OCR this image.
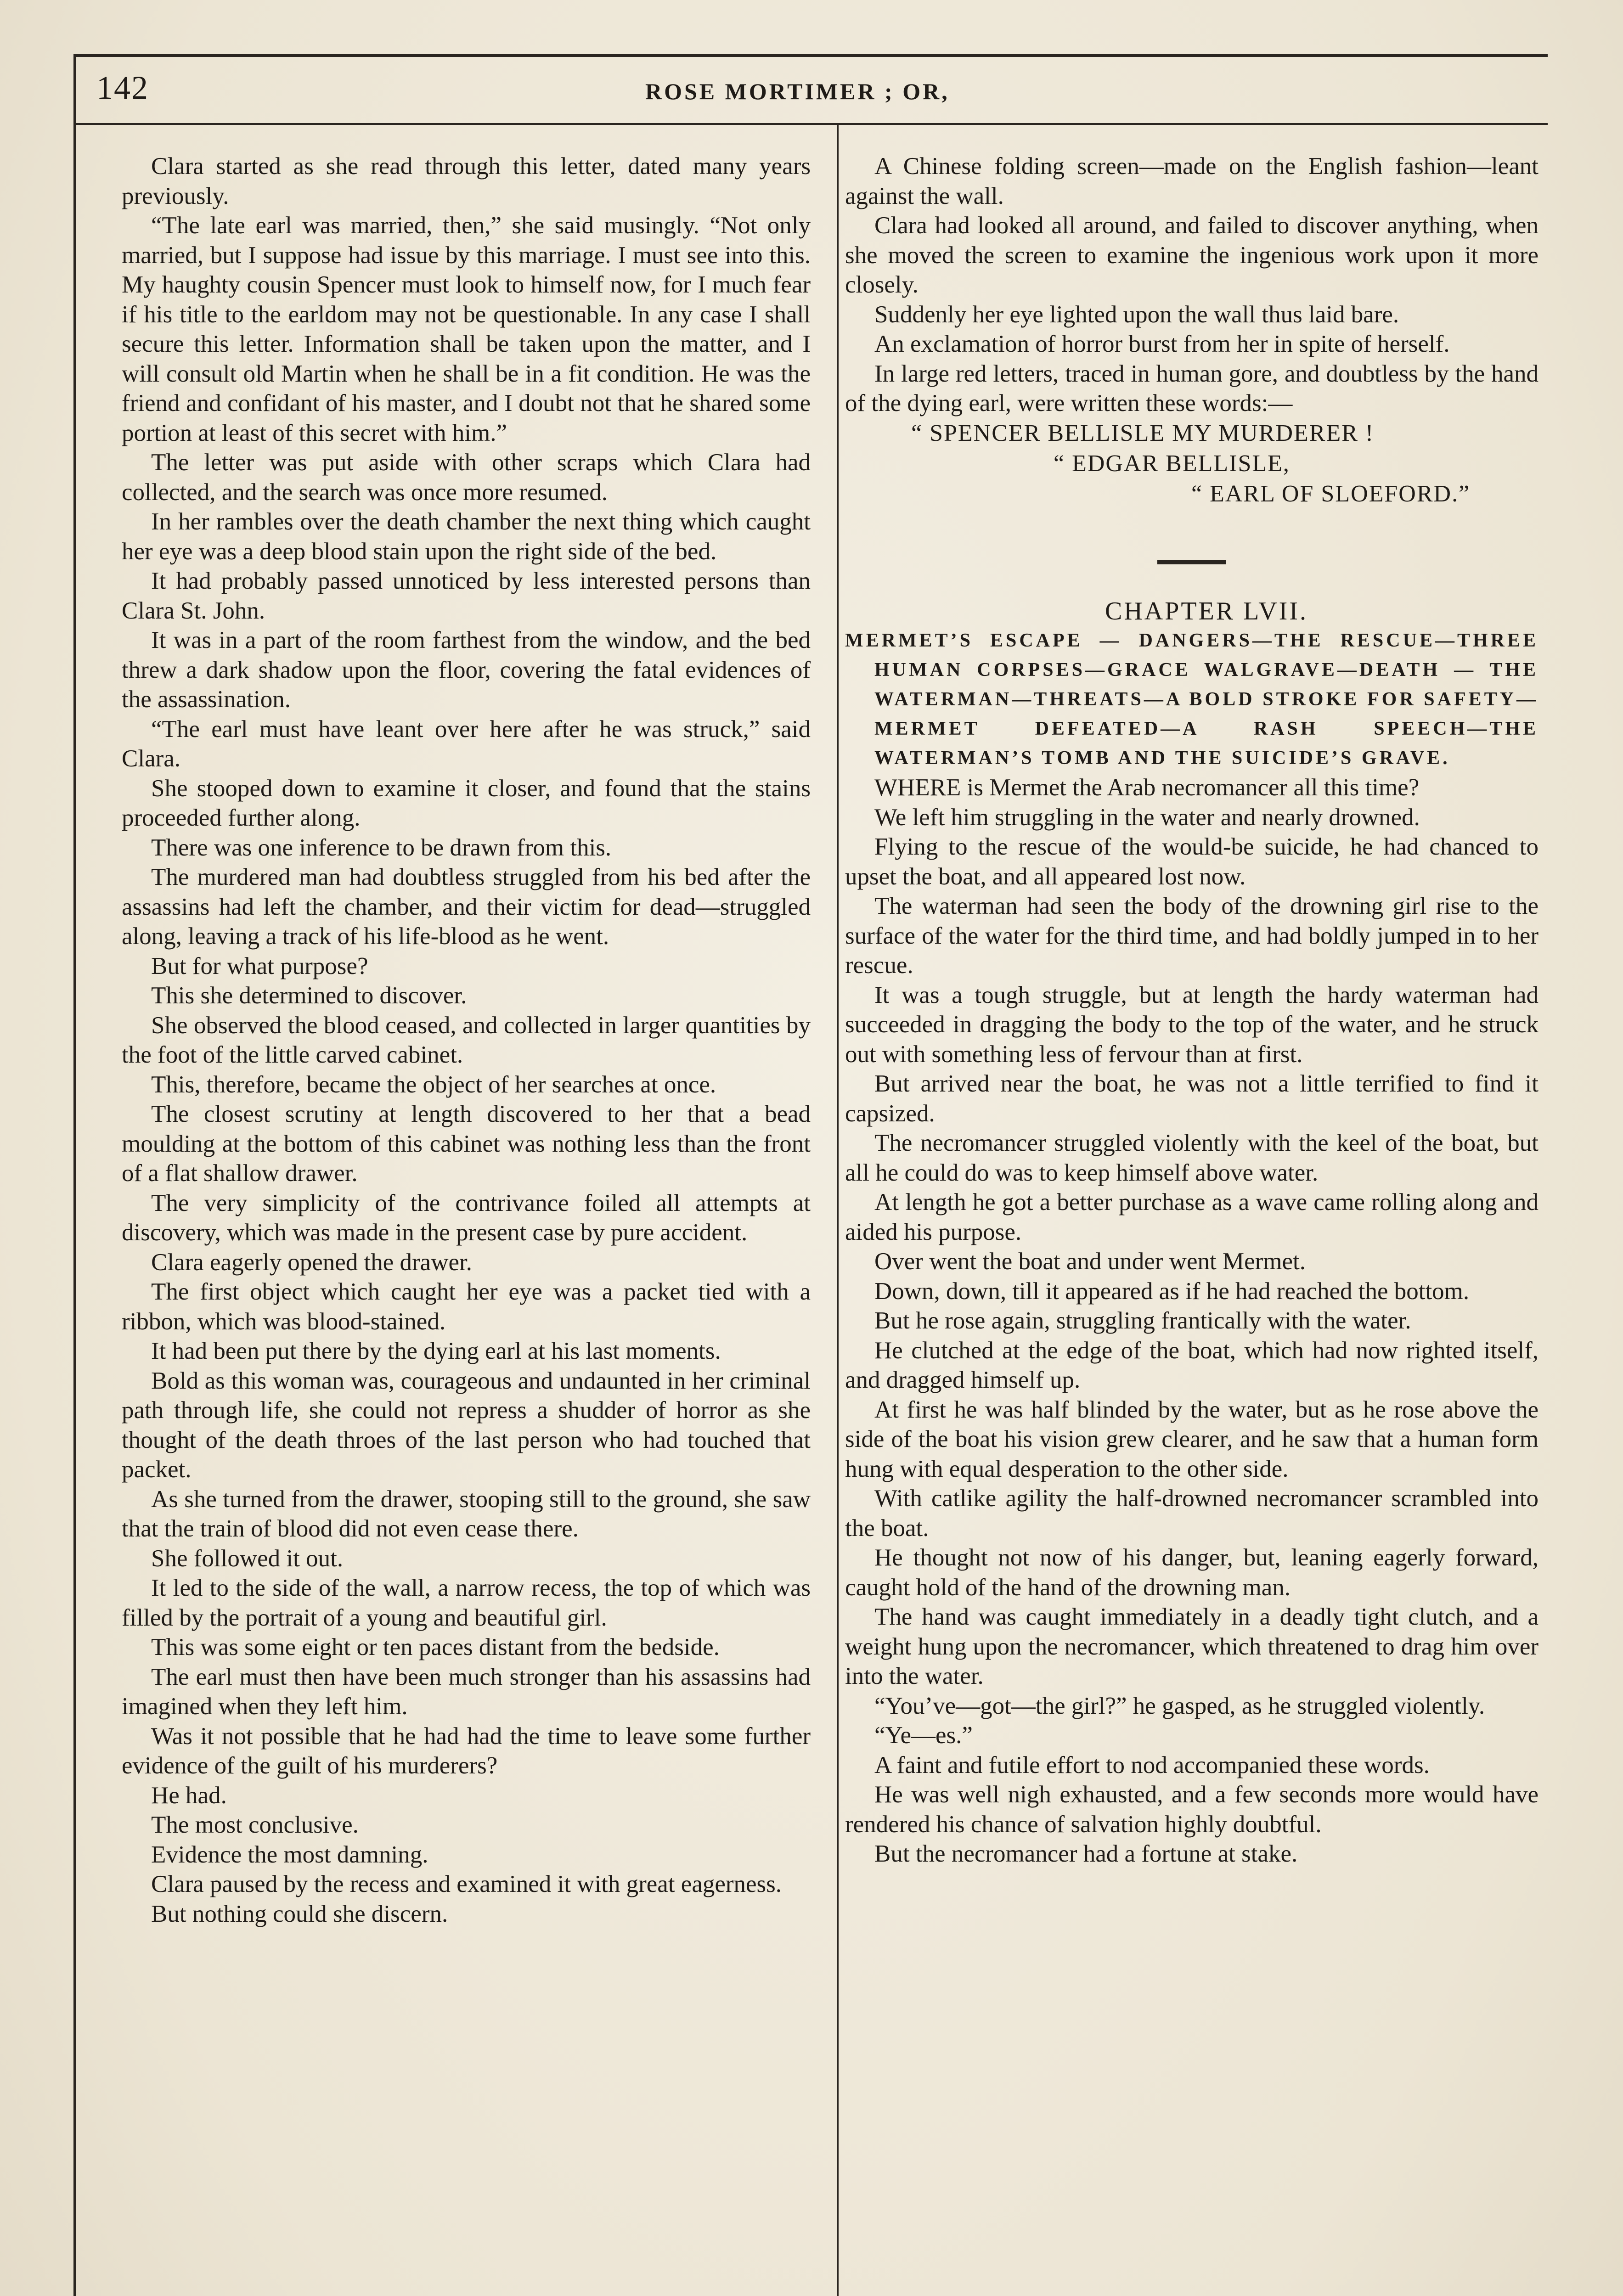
142	ROSE MORTIMER ; OR,

Clara started as she read through this letter, dated many years previously.

“The late earl was married, then,” she said musingly. “Not only married, but I suppose had issue by this marriage. I must see into this. My haughty cousin Spencer must look to himself now, for I much fear if his title to the earldom may not be questionable. In any case I shall secure this letter. Information shall be taken upon the matter, and I will consult old Martin when he shall be in a fit condition. He was the friend and confidant of his master, and I doubt not that he shared some portion at least of this secret with him.”

The letter was put aside with other scraps which Clara had collected, and the search was once more resumed.

In her rambles over the death chamber the next thing which caught her eye was a deep blood stain upon the right side of the bed.

It had probably passed unnoticed by less interested persons than Clara St. John.

It was in a part of the room farthest from the window, and the bed threw a dark shadow upon the floor, covering the fatal evidences of the assassination.

“The earl must have leant over here after he was struck,” said Clara.

She stooped down to examine it closer, and found that the stains proceeded further along.

There was one inference to be drawn from this.

The murdered man had doubtless struggled from his bed after the assassins had left the chamber, and their victim for dead—struggled along, leaving a track of his life-blood as he went.

But for what purpose?

This she determined to discover.

She observed the blood ceased, and collected in larger quantities by the foot of the little carved cabinet.

This, therefore, became the object of her searches at once.

The closest scrutiny at length discovered to her that a bead moulding at the bottom of this cabinet was nothing less than the front of a flat shallow drawer.

The very simplicity of the contrivance foiled all attempts at discovery, which was made in the present case by pure accident.

Clara eagerly opened the drawer.

The first object which caught her eye was a packet tied with a ribbon, which was blood-stained.

It had been put there by the dying earl at his last moments.

Bold as this woman was, courageous and undaunted in her criminal path through life, she could not repress a shudder of horror as she thought of the death throes of the last person who had touched that packet.

As she turned from the drawer, stooping still to the ground, she saw that the train of blood did not even cease there.

She followed it out.

It led to the side of the wall, a narrow recess, the top of which was filled by the portrait of a young and beautiful girl.

This was some eight or ten paces distant from the bedside.

The earl must then have been much stronger than his assassins had imagined when they left him.

Was it not possible that he had had the time to leave some further evidence of the guilt of his murderers?

He had.

The most conclusive.

Evidence the most damning.

Clara paused by the recess and examined it with great eagerness.

But nothing could she discern.

A Chinese folding screen—made on the English fashion—leant against the wall.

Clara had looked all around, and failed to discover anything, when she moved the screen to examine the ingenious work upon it more closely.

Suddenly her eye lighted upon the wall thus laid bare.

An exclamation of horror burst from her in spite of herself.

In large red letters, traced in human gore, and doubtless by the hand of the dying earl, were written these words:—

“ SPENCER BELLISLE MY MURDERER !

“ EDGAR BELLISLE,

“ EARL OF SLOEFORD.”

CHAPTER LVII.

MERMET’S ESCAPE — DANGERS—THE RESCUE—THREE HUMAN CORPSES—GRACE WALGRAVE—DEATH — THE WATERMAN—THREATS—A BOLD STROKE FOR SAFETY—MERMET DEFEATED—A RASH SPEECH—THE WATERMAN’S TOMB AND THE SUICIDE’S GRAVE.

WHERE is Mermet the Arab necromancer all this time?

We left him struggling in the water and nearly drowned.

Flying to the rescue of the would-be suicide, he had chanced to upset the boat, and all appeared lost now.

The waterman had seen the body of the drowning girl rise to the surface of the water for the third time, and had boldly jumped in to her rescue.

It was a tough struggle, but at length the hardy waterman had succeeded in dragging the body to the top of the water, and he struck out with something less of fervour than at first.

But arrived near the boat, he was not a little terrified to find it capsized.

The necromancer struggled violently with the keel of the boat, but all he could do was to keep himself above water.

At length he got a better purchase as a wave came rolling along and aided his purpose.

Over went the boat and under went Mermet.

Down, down, till it appeared as if he had reached the bottom.

But he rose again, struggling frantically with the water.

He clutched at the edge of the boat, which had now righted itself, and dragged himself up.

At first he was half blinded by the water, but as he rose above the side of the boat his vision grew clearer, and he saw that a human form hung with equal desperation to the other side.

With catlike agility the half-drowned necromancer scrambled into the boat.

He thought not now of his danger, but, leaning eagerly forward, caught hold of the hand of the drowning man.

The hand was caught immediately in a deadly tight clutch, and a weight hung upon the necromancer, which threatened to drag him over into the water.

“You’ve—got—the girl?” he gasped, as he struggled violently.

“Ye—es.”

A faint and futile effort to nod accompanied these words.

He was well nigh exhausted, and a few seconds more would have rendered his chance of salvation highly doubtful.

But the necromancer had a fortune at stake.
